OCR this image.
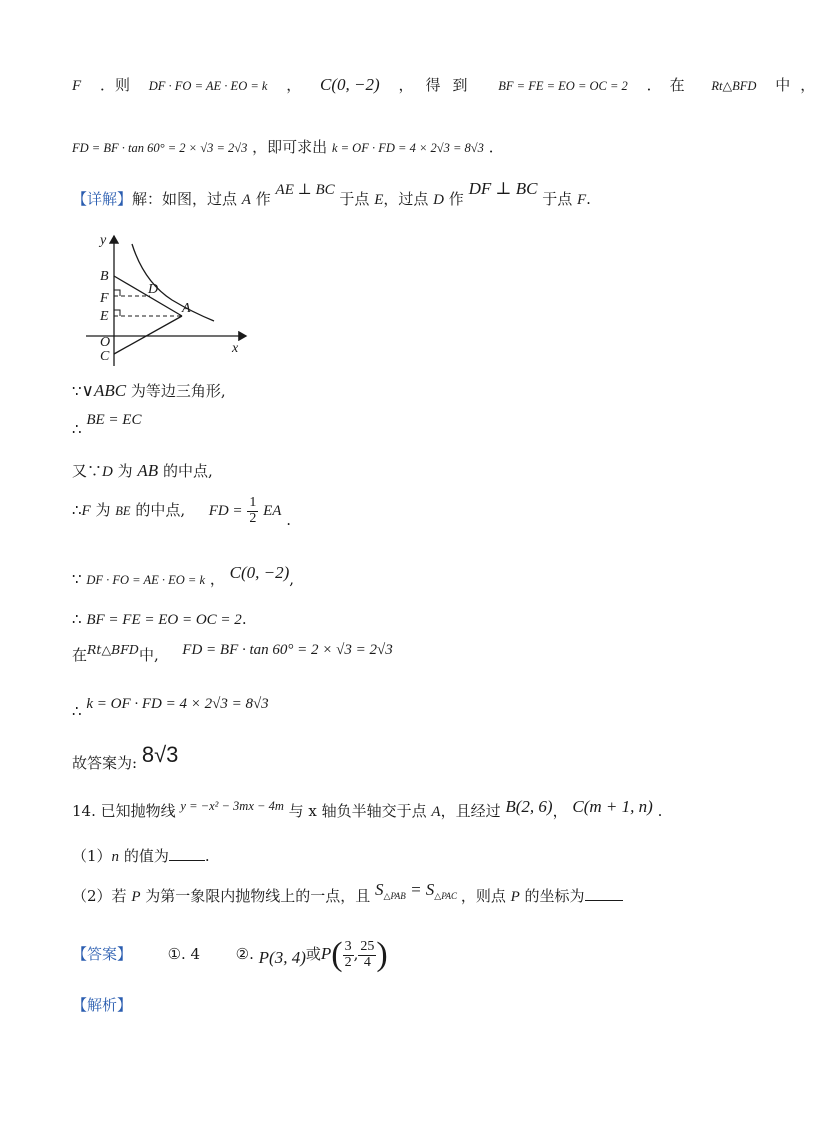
F ．则 DF · FO = AE · EO = k ， C(0, −2) ，得到 BF = FE = EO = OC = 2 ．在 Rt△BFD 中，
FD = BF · tan 60° = 2 × √3 = 2√3 ，即可求出 k = OF · FD = 4 × 2√3 = 8√3 ．
【详解】解：如图，过点 A 作 AE ⊥ BC 于点 E，过点 D 作 DF ⊥ BC 于点 F.
y
x
B
F
E
O
C
D
A
∵∨ABC 为等边三角形,
∴ BE = EC
又∵D 为 AB 的中点,
∴F 为 BE 的中点, FD = $\frac{1}{2}$ EA .
∵ DF · FO = AE · EO = k ， C(0, −2),
∴ BF = FE = EO = OC = 2.
在$^{Rt\triangle BFD}$中, FD = BF · tan 60° = 2 × √3 = 2√3
∴ k = OF · FD = 4 × 2√3 = 8√3
故答案为: 8√3
14. 已知抛物线 $^{y = -x^2 - 3mx - 4m}$ 与 x 轴负半轴交于点 A，且经过 B(2, 6)， C(m + 1, n) .
（1）n 的值为 .
（2）若 P 为第一象限内抛物线上的一点，且 $S_{\triangle PAB} = S_{\triangle PAC}$ ，则点 P 的坐标为
【答案】 ①. 4 ②. P(3, 4)或$P( \frac{3}{2}$ , $\frac{25}{4}$ )
【解析】
